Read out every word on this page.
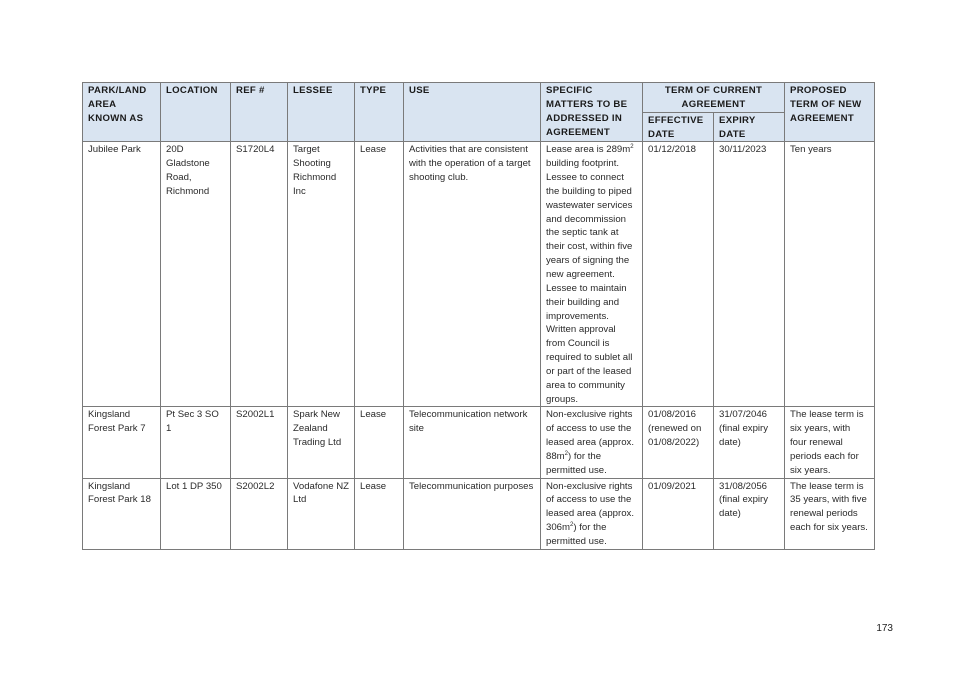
PARK/LAND AREA KNOWN AS	LOCATION	REF #	LESSEE	TYPE	USE	SPECIFIC MATTERS TO BE ADDRESSED IN AGREEMENT	TERM OF CURRENT AGREEMENT		PROPOSED TERM OF NEW AGREEMENT
							EFFECTIVE DATE	EXPIRY DATE	
Jubilee Park	20D Gladstone Road, Richmond	S1720L4	Target Shooting Richmond Inc	Lease	Activities that are consistent with the operation of a target shooting club.	Lease area is $289m^2$ building footprint.
Lessee to connect the building to piped wastewater services and decommission the septic tank at their cost, within five years of signing the new agreement.
Lessee to maintain their building and improvements.
Written approval from Council is required to sublet all or part of the leased area to community groups.	01/12/2018	30/11/2023	Ten years
Kingsland Forest Park 7	Pt Sec 3 SO 1	S2002L1	Spark New Zealand Trading Ltd	Lease	Telecommunication network site	Non-exclusive rights of access to use the leased area (approx. $88m^2$) for the permitted use.	01/08/2016 (renewed on 01/08/2022)	31/07/2046 (final expiry date)	The lease term is six years, with four renewal periods each for six years.
Kingsland Forest Park 18	Lot 1 DP 350	S2002L2	Vodafone NZ Ltd	Lease	Telecommunication purposes	Non-exclusive rights of access to use the leased area (approx. $306m^2$) for the permitted use.	01/09/2021	31/08/2056 (final expiry date)	The lease term is 35 years, with five renewal periods each for six years.
173
